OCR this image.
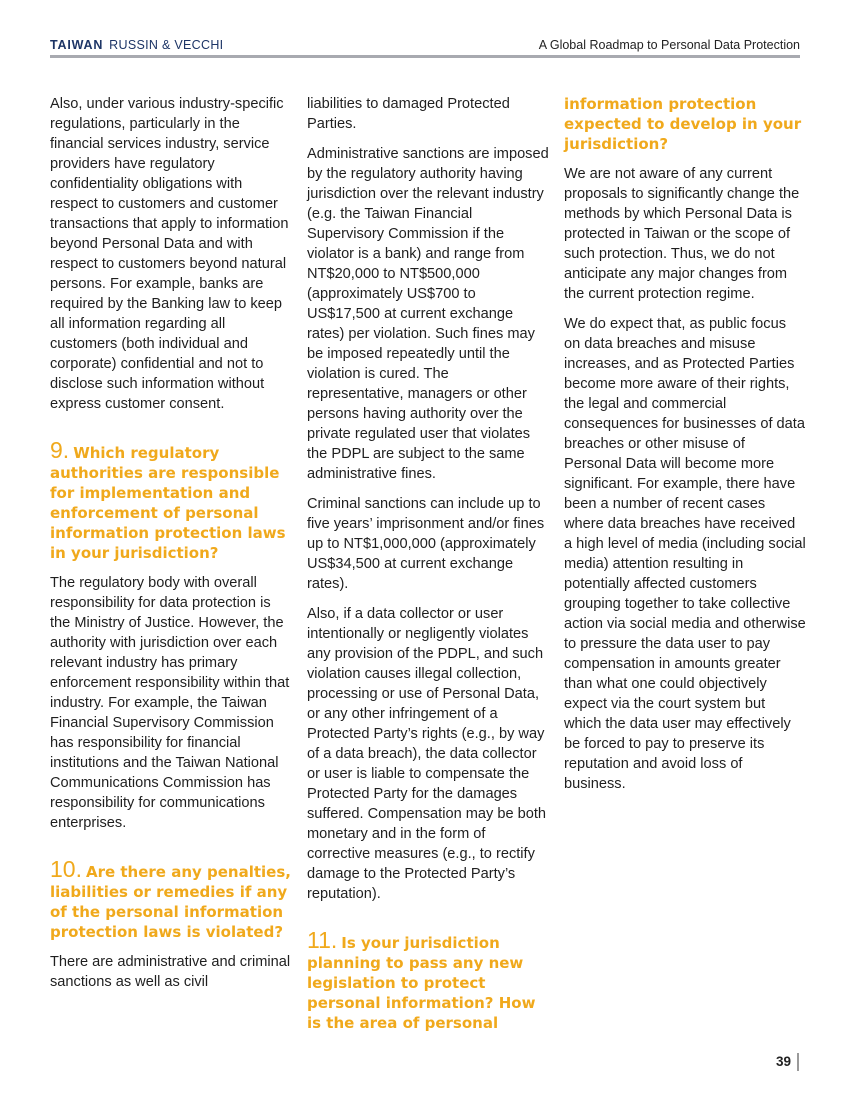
TAIWAN RUSSIN & VECCHI	A Global Roadmap to Personal Data Protection

Also, under various industry-specific regulations, particularly in the financial services industry, service providers have regulatory confidentiality obligations with respect to customers and customer transactions that apply to information beyond Personal Data and with respect to customers beyond natural persons. For example, banks are required by the Banking law to keep all information regarding all customers (both individual and corporate) confidential and not to disclose such information without express customer consent.

9. Which regulatory authorities are responsible for implementation and enforcement of personal information protection laws in your jurisdiction?

The regulatory body with overall responsibility for data protection is the Ministry of Justice. However, the authority with jurisdiction over each relevant industry has primary enforcement responsibility within that industry. For example, the Taiwan Financial Supervisory Commission has responsibility for financial institutions and the Taiwan National Communications Commission has responsibility for communications enterprises.

10. Are there any penalties, liabilities or remedies if any of the personal information protection laws is violated?

There are administrative and criminal sanctions as well as civil

liabilities to damaged Protected Parties.

Administrative sanctions are imposed by the regulatory authority having jurisdiction over the relevant industry (e.g. the Taiwan Financial Supervisory Commission if the violator is a bank) and range from NT$20,000 to NT$500,000 (approximately US$700 to US$17,500 at current exchange rates) per violation. Such fines may be imposed repeatedly until the violation is cured. The representative, managers or other persons having authority over the private regulated user that violates the PDPL are subject to the same administrative fines.

Criminal sanctions can include up to five years’ imprisonment and/or fines up to NT$1,000,000 (approximately US$34,500 at current exchange rates).

Also, if a data collector or user intentionally or negligently violates any provision of the PDPL, and such violation causes illegal collection, processing or use of Personal Data, or any other infringement of a Protected Party’s rights (e.g., by way of a data breach), the data collector or user is liable to compensate the Protected Party for the damages suffered. Compensation may be both monetary and in the form of corrective measures (e.g., to rectify damage to the Protected Party’s reputation).

11. Is your jurisdiction planning to pass any new legislation to protect personal information? How is the area of personal
information protection expected to develop in your jurisdiction?

We are not aware of any current proposals to significantly change the methods by which Personal Data is protected in Taiwan or the scope of such protection. Thus, we do not anticipate any major changes from the current protection regime.

We do expect that, as public focus on data breaches and misuse increases, and as Protected Parties become more aware of their rights, the legal and commercial consequences for businesses of data breaches or other misuse of Personal Data will become more significant. For example, there have been a number of recent cases where data breaches have received a high level of media (including social media) attention resulting in potentially affected customers grouping together to take collective action via social media and otherwise to pressure the data user to pay compensation in amounts greater than what one could objectively expect via the court system but which the data user may effectively be forced to pay to preserve its reputation and avoid loss of business.

39
